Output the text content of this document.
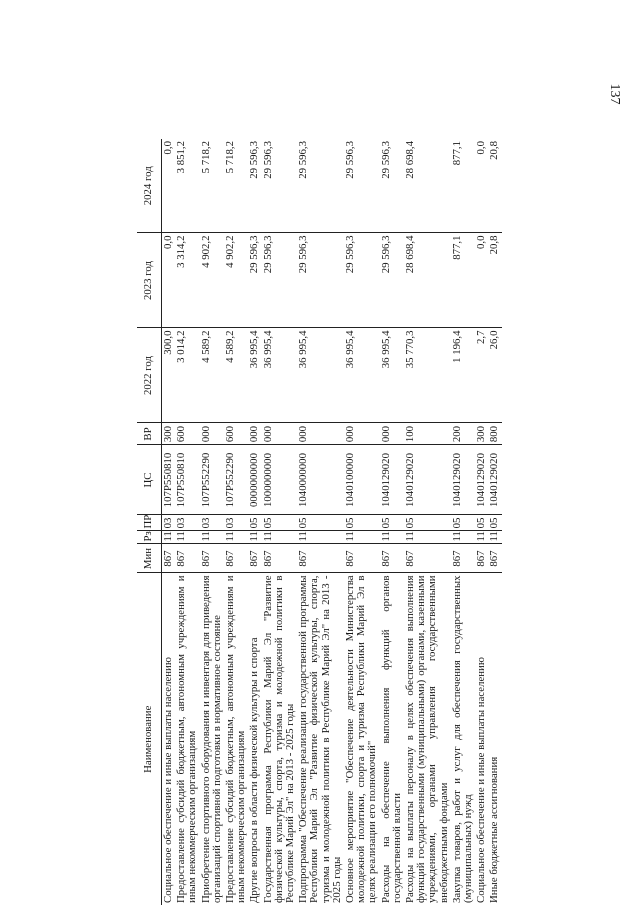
137
Наименование	Мин	Рз	ПР	ЦС	ВР	2022 год	2023 год	2024 год
Социальное обеспечение и иные выплаты населению	867	11	03	107P550810	300	300,0	0,0	0,0
Предоставление субсидий бюджетным, автономным учреждениям и иным некоммерческим организациям	867	11	03	107P550810	600	3 014,2	3 314,2	3 851,2
Приобретение спортивного оборудования и инвентаря для приведения организаций спортивной подготовки в нормативное состояние	867	11	03	107P552290	000	4 589,2	4 902,2	5 718,2
Предоставление субсидий бюджетным, автономным учреждениям и иным некоммерческим организациям	867	11	03	107P552290	600	4 589,2	4 902,2	5 718,2
Другие вопросы в области физической культуры и спорта	867	11	05	0000000000	000	36 995,4	29 596,3	29 596,3
Государственная программа Республики Марий Эл "Развитие физической культуры, спорта, туризма и молодежной политики в Республике Марий Эл" на 2013 - 2025 годы	867	11	05	1000000000	000	36 995,4	29 596,3	29 596,3
Подпрограмма "Обеспечение реализации государственной программы Республики Марий Эл "Развитие физической культуры, спорта, туризма и молодежной политики в Республике Марий Эл" на 2013 - 2025 годы	867	11	05	1040000000	000	36 995,4	29 596,3	29 596,3
Основное мероприятие "Обеспечение деятельности Министерства молодежной политики, спорта и туризма Республики Марий Эл в целях реализации его полномочий"	867	11	05	1040100000	000	36 995,4	29 596,3	29 596,3
Расходы на обеспечение выполнения функций органов государственной власти	867	11	05	1040129020	000	36 995,4	29 596,3	29 596,3
Расходы на выплаты персоналу в целях обеспечения выполнения функций государственными (муниципальными) органами, казенными учреждениями, органами управления государственными внебюджетными фондами	867	11	05	1040129020	100	35 770,3	28 698,4	28 698,4
Закупка товаров, работ и услуг для обеспечения государственных (муниципальных) нужд	867	11	05	1040129020	200	1 196,4	877,1	877,1
Социальное обеспечение и иные выплаты населению	867	11	05	1040129020	300	2,7	0,0	0,0
Иные бюджетные ассигнования	867	11	05	1040129020	800	26,0	20,8	20,8
